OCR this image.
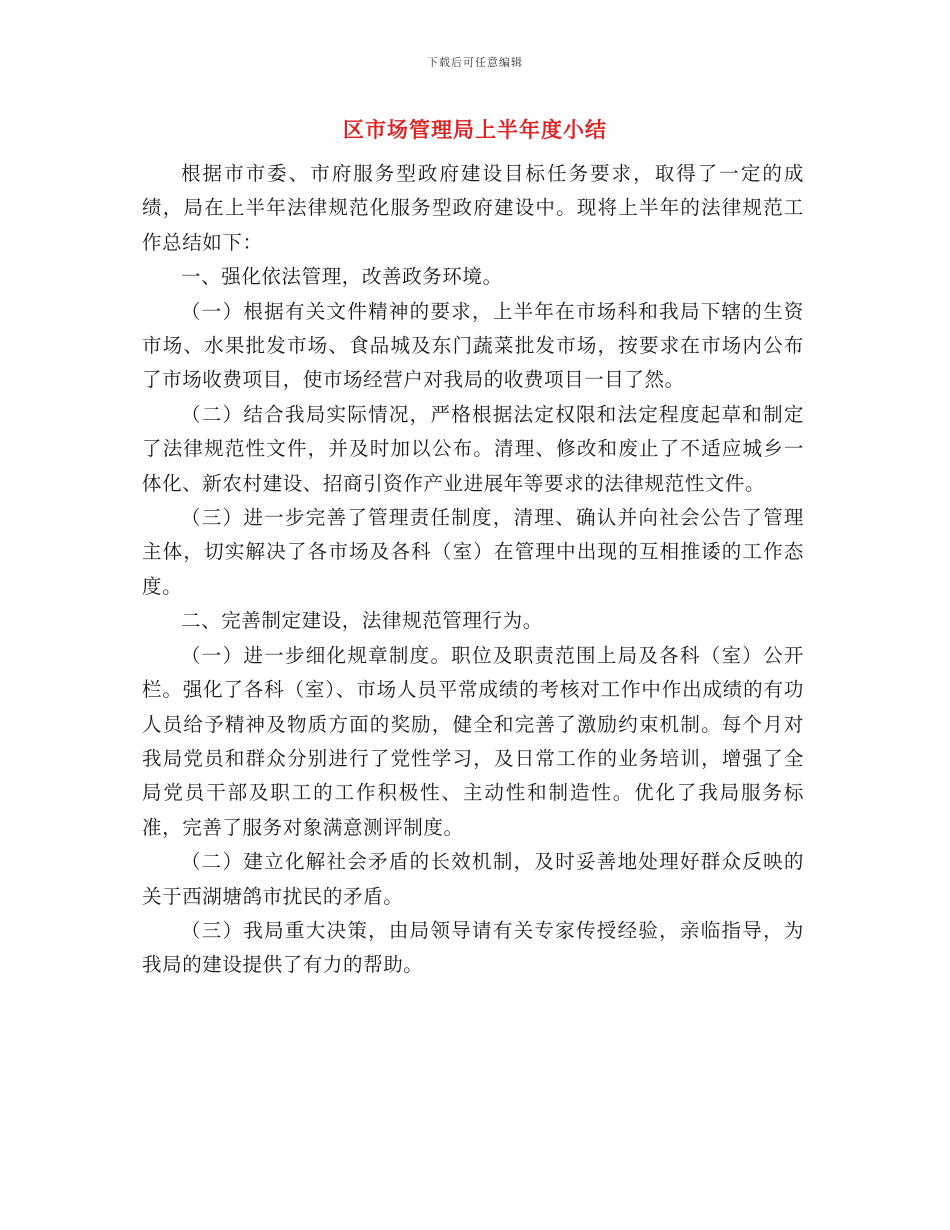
下载后可任意编辑
区市场管理局上半年度小结

根据市市委、市府服务型政府建设目标任务要求，取得了一定的成绩，局在上半年法律规范化服务型政府建设中。现将上半年的法律规范工作总结如下：

一、强化依法管理，改善政务环境。

（一）根据有关文件精神的要求，上半年在市场科和我局下辖的生资市场、水果批发市场、食品城及东门蔬菜批发市场，按要求在市场内公布了市场收费项目，使市场经营户对我局的收费项目一目了然。

（二）结合我局实际情况，严格根据法定权限和法定程度起草和制定了法律规范性文件，并及时加以公布。清理、修改和废止了不适应城乡一体化、新农村建设、招商引资作产业进展年等要求的法律规范性文件。

（三）进一步完善了管理责任制度，清理、确认并向社会公告了管理主体，切实解决了各市场及各科（室）在管理中出现的互相推诿的工作态度。

二、完善制定建设，法律规范管理行为。

（一）进一步细化规章制度。职位及职责范围上局及各科（室）公开栏。强化了各科（室）、市场人员平常成绩的考核对工作中作出成绩的有功人员给予精神及物质方面的奖励，健全和完善了激励约束机制。每个月对我局党员和群众分别进行了党性学习，及日常工作的业务培训，增强了全局党员干部及职工的工作积极性、主动性和制造性。优化了我局服务标准，完善了服务对象满意测评制度。

（二）建立化解社会矛盾的长效机制，及时妥善地处理好群众反映的关于西湖塘鸽市扰民的矛盾。

（三）我局重大决策，由局领导请有关专家传授经验，亲临指导，为我局的建设提供了有力的帮助。
